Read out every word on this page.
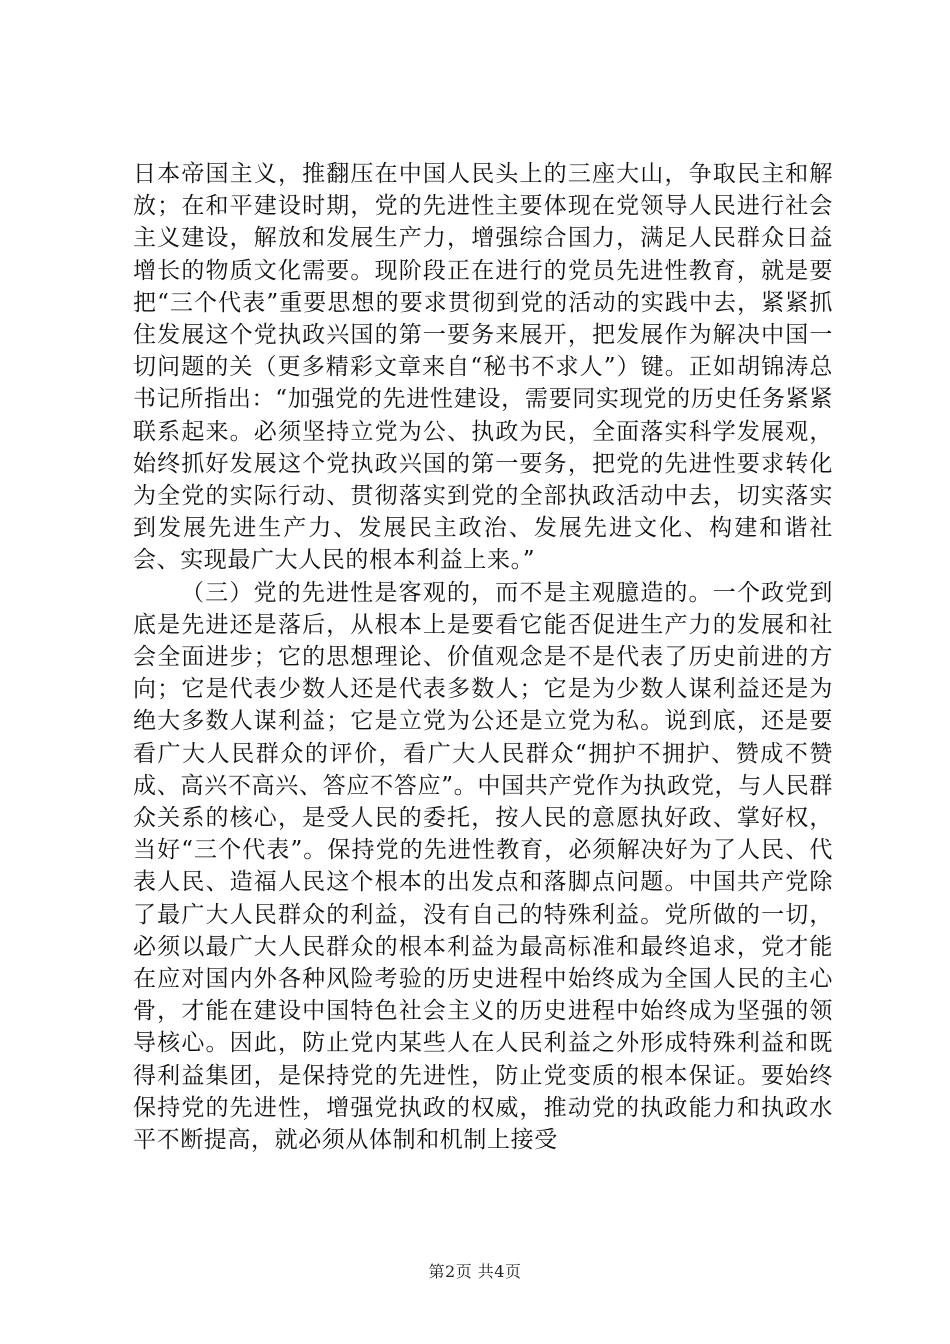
日本帝国主义，推翻压在中国人民头上的三座大山，争取民主和解放；在和平建设时期，党的先进性主要体现在党领导人民进行社会主义建设，解放和发展生产力，增强综合国力，满足人民群众日益增长的物质文化需要。现阶段正在进行的党员先进性教育，就是要把“三个代表”重要思想的要求贯彻到党的活动的实践中去，紧紧抓住发展这个党执政兴国的第一要务来展开，把发展作为解决中国一切问题的关（更多精彩文章来自“秘书不求人”）键。正如胡锦涛总书记所指出：“加强党的先进性建设，需要同实现党的历史任务紧紧联系起来。必须坚持立党为公、执政为民，全面落实科学发展观，始终抓好发展这个党执政兴国的第一要务，把党的先进性要求转化为全党的实际行动、贯彻落实到党的全部执政活动中去，切实落实到发展先进生产力、发展民主政治、发展先进文化、构建和谐社会、实现最广大人民的根本利益上来。”

（三）党的先进性是客观的，而不是主观臆造的。一个政党到底是先进还是落后，从根本上是要看它能否促进生产力的发展和社会全面进步；它的思想理论、价值观念是不是代表了历史前进的方向；它是代表少数人还是代表多数人；它是为少数人谋利益还是为绝大多数人谋利益；它是立党为公还是立党为私。说到底，还是要看广大人民群众的评价，看广大人民群众“拥护不拥护、赞成不赞成、高兴不高兴、答应不答应”。中国共产党作为执政党，与人民群众关系的核心，是受人民的委托，按人民的意愿执好政、掌好权，当好“三个代表”。保持党的先进性教育，必须解决好为了人民、代表人民、造福人民这个根本的出发点和落脚点问题。中国共产党除了最广大人民群众的利益，没有自己的特殊利益。党所做的一切，必须以最广大人民群众的根本利益为最高标准和最终追求，党才能在应对国内外各种风险考验的历史进程中始终成为全国人民的主心骨，才能在建设中国特色社会主义的历史进程中始终成为坚强的领导核心。因此，防止党内某些人在人民利益之外形成特殊利益和既得利益集团，是保持党的先进性，防止党变质的根本保证。要始终保持党的先进性，增强党执政的权威，推动党的执政能力和执政水平不断提高，就必须从体制和机制上接受

第2页 共4页
